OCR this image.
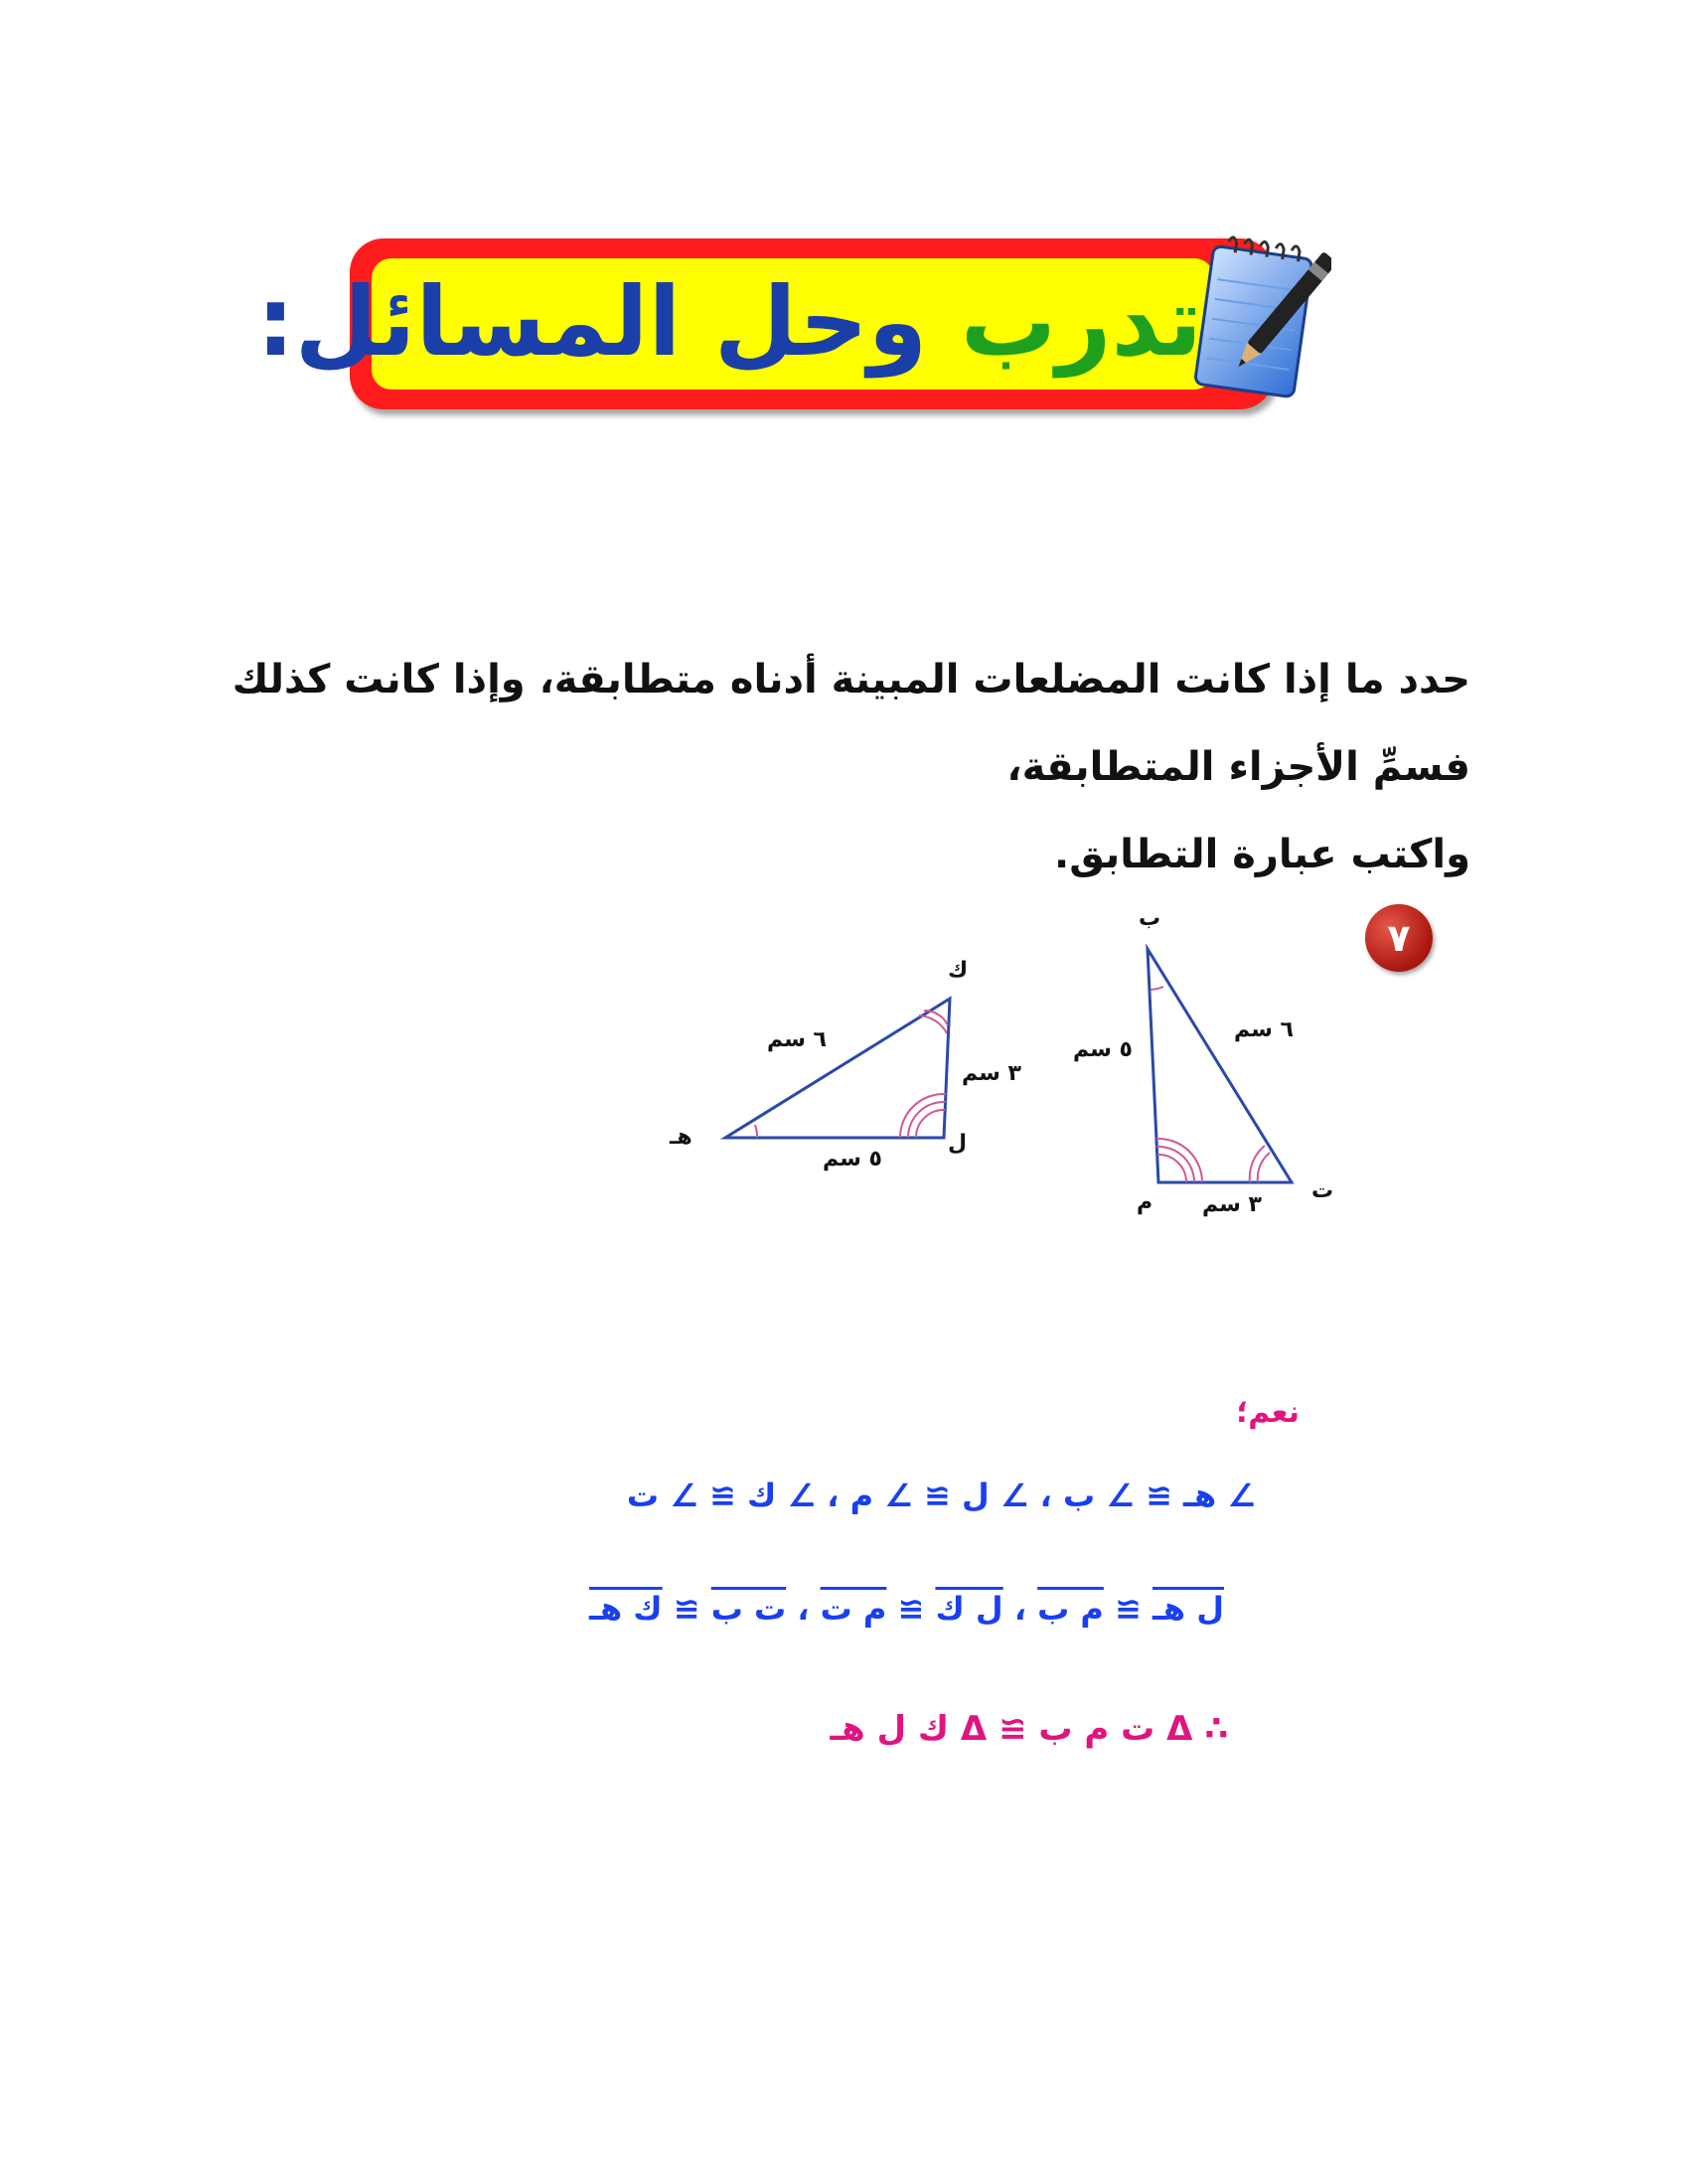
تدرب وحل المسائل:
حدد ما إذا كانت المضلعات المبينة أدناه متطابقة، وإذا كانت كذلك فسمِّ الأجزاء المتطابقة،
واكتب عبارة التطابق.
٧
ك
ل
هـ
٦ سم
٣ سم
٥ سم
ب
م	ت
٥ سم
٦ سم
٣ سم
نعم؛
∠ هـ ≅ ∠ ب ، ∠ ل ≅ ∠ م ، ∠ ك ≅ ∠ ت
ل هـ ≅ م ب ، ل ك ≅ م ت ، ت ب ≅ ك هـ
∴ Δ ت م ب ≅ Δ ك ل هـ
